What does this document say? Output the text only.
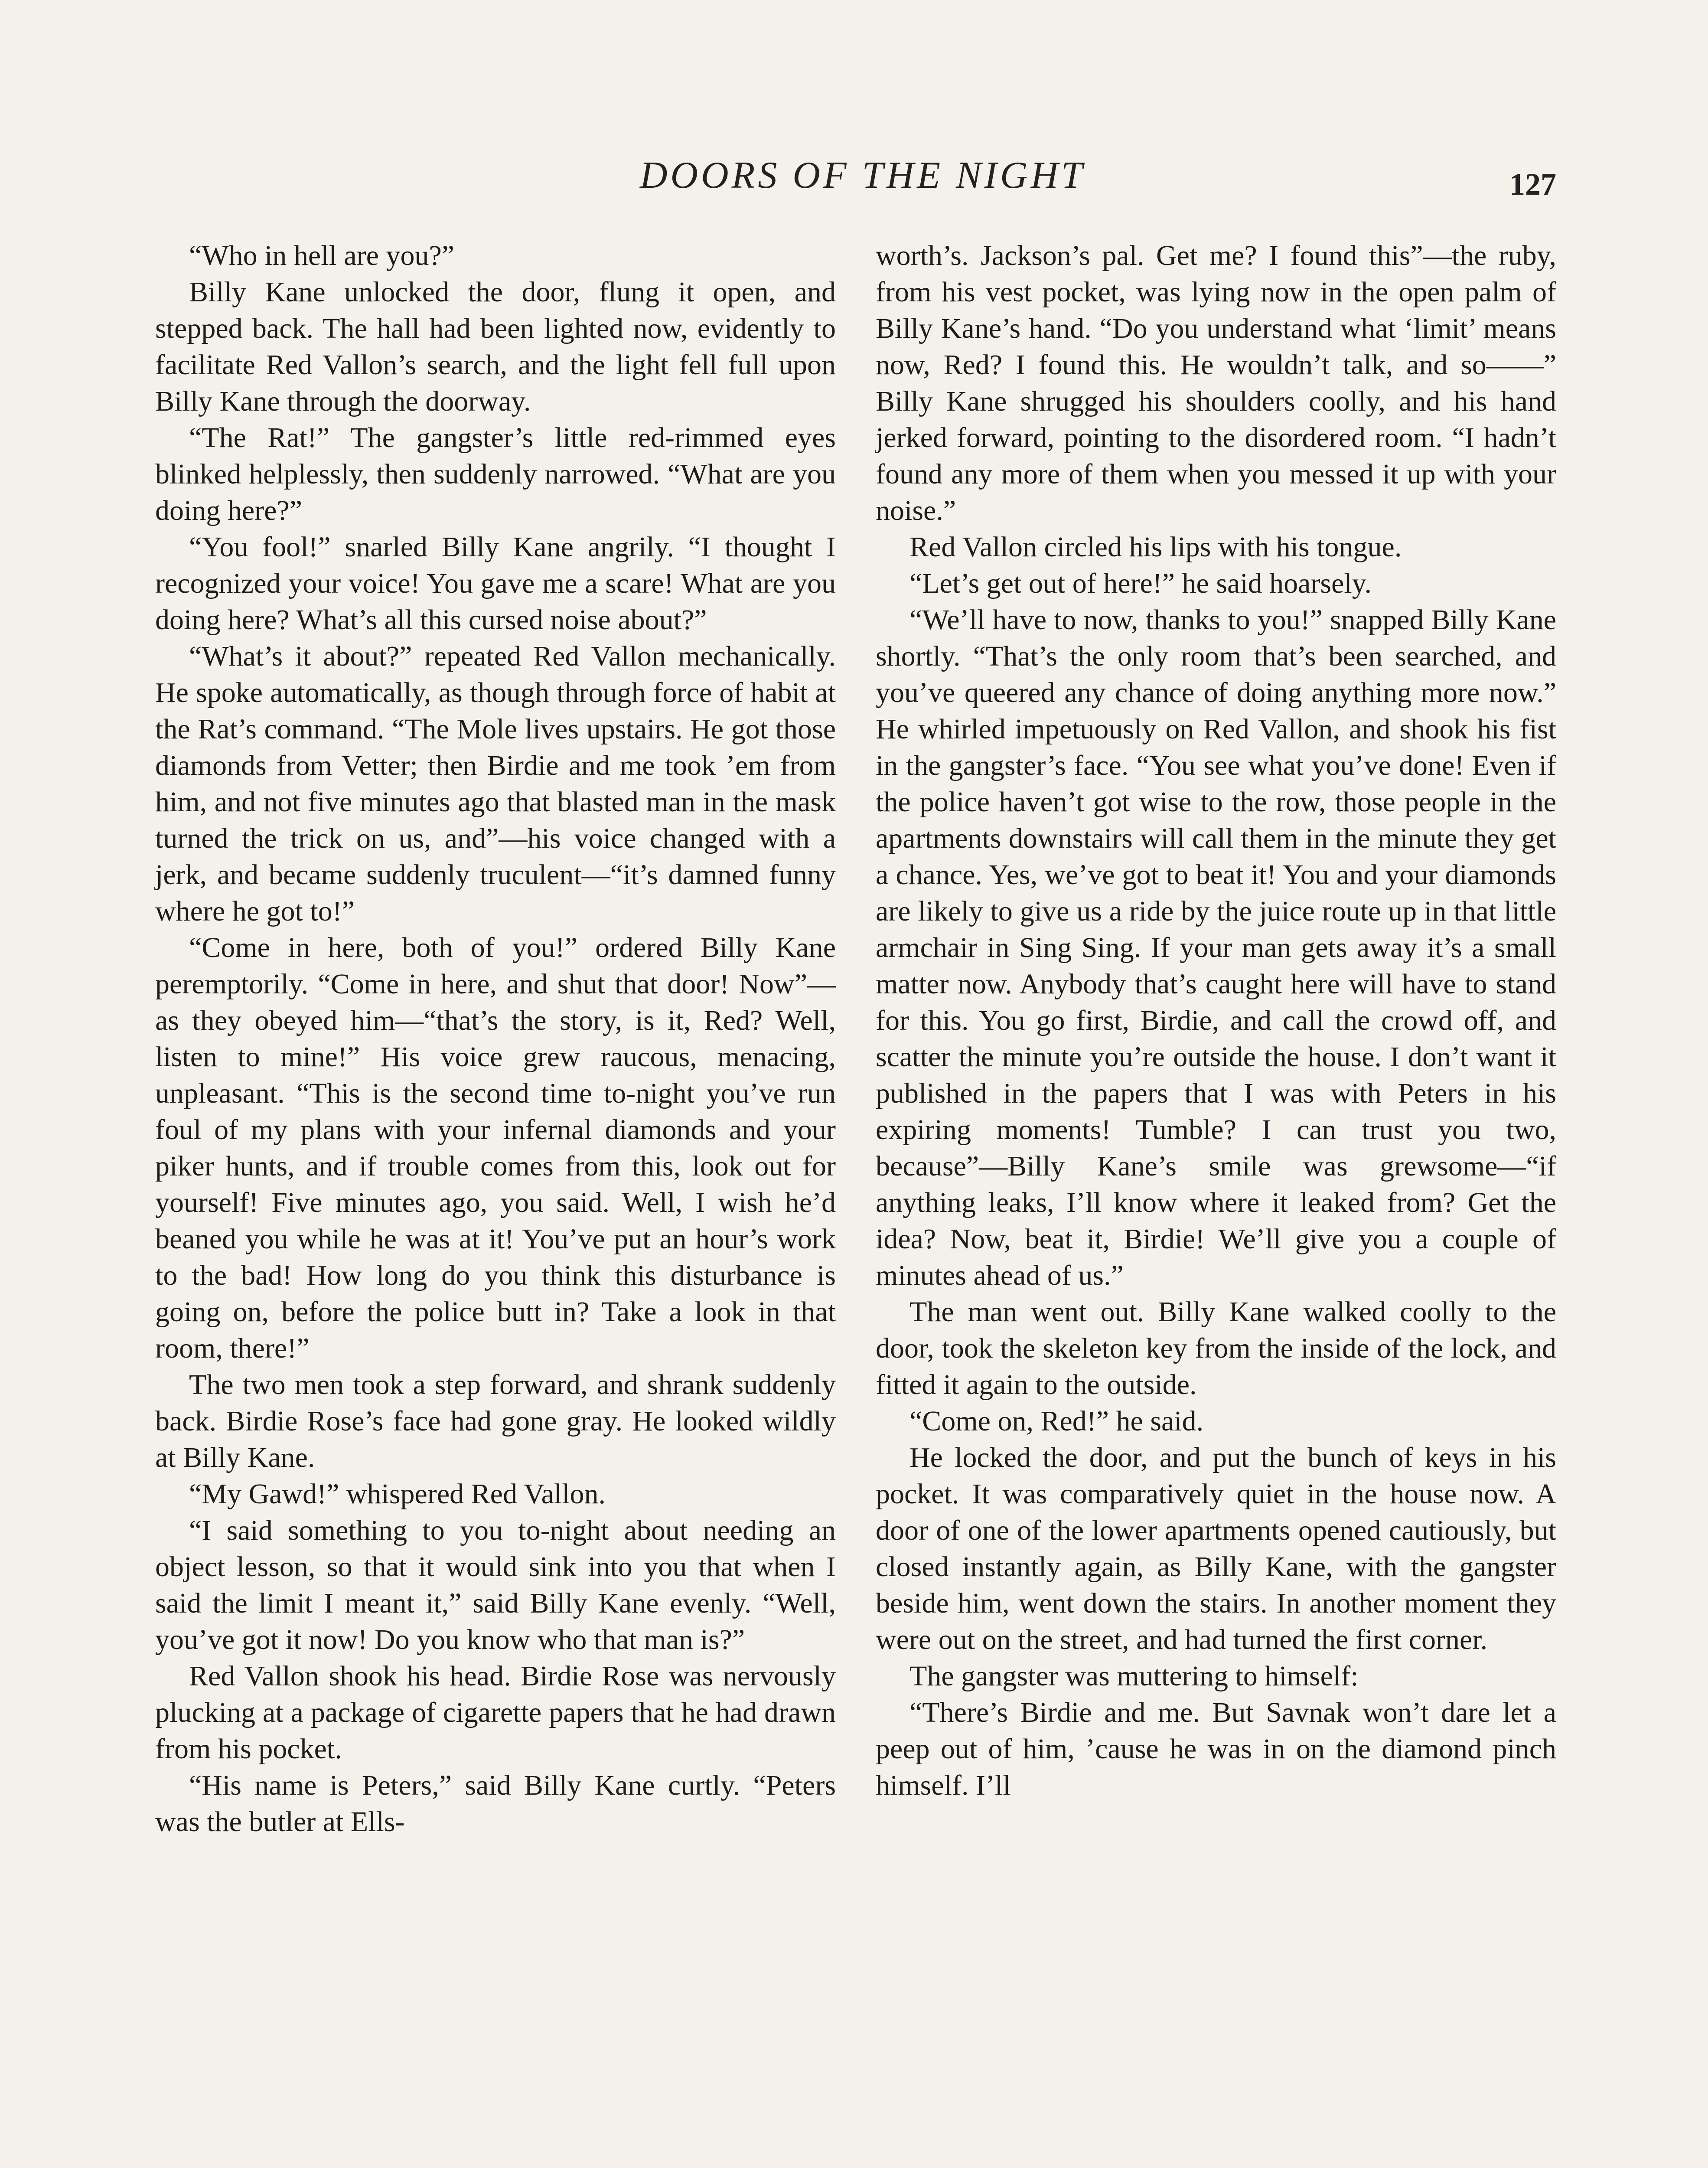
DOORS OF THE NIGHT	127

“Who in hell are you?”

Billy Kane unlocked the door, flung it open, and stepped back. The hall had been lighted now, evidently to facilitate Red Vallon’s search, and the light fell full upon Billy Kane through the doorway.

“The Rat!” The gangster’s little red-rimmed eyes blinked helplessly, then suddenly narrowed. “What are you doing here?”

“You fool!” snarled Billy Kane angrily. “I thought I recognized your voice! You gave me a scare! What are you doing here? What’s all this cursed noise about?”

“What’s it about?” repeated Red Vallon mechanically. He spoke automatically, as though through force of habit at the Rat’s command. “The Mole lives upstairs. He got those diamonds from Vetter; then Birdie and me took ’em from him, and not five minutes ago that blasted man in the mask turned the trick on us, and”—his voice changed with a jerk, and became suddenly truculent—“it’s damned funny where he got to!”

“Come in here, both of you!” ordered Billy Kane peremptorily. “Come in here, and shut that door! Now”—as they obeyed him—“that’s the story, is it, Red? Well, listen to mine!” His voice grew raucous, menacing, unpleasant. “This is the second time to-night you’ve run foul of my plans with your infernal diamonds and your piker hunts, and if trouble comes from this, look out for yourself! Five minutes ago, you said. Well, I wish he’d beaned you while he was at it! You’ve put an hour’s work to the bad! How long do you think this disturbance is going on, before the police butt in? Take a look in that room, there!”

The two men took a step forward, and shrank suddenly back. Birdie Rose’s face had gone gray. He looked wildly at Billy Kane.

“My Gawd!” whispered Red Vallon.

“I said something to you to-night about needing an object lesson, so that it would sink into you that when I said the limit I meant it,” said Billy Kane evenly. “Well, you’ve got it now! Do you know who that man is?”

Red Vallon shook his head. Birdie Rose was nervously plucking at a package of cigarette papers that he had drawn from his pocket.

“His name is Peters,” said Billy Kane curtly. “Peters was the butler at Ells-

worth’s. Jackson’s pal. Get me? I found this”—the ruby, from his vest pocket, was lying now in the open palm of Billy Kane’s hand. “Do you understand what ‘limit’ means now, Red? I found this. He wouldn’t talk, and so——” Billy Kane shrugged his shoulders coolly, and his hand jerked forward, pointing to the disordered room. “I hadn’t found any more of them when you messed it up with your noise.”

Red Vallon circled his lips with his tongue.

“Let’s get out of here!” he said hoarsely.

“We’ll have to now, thanks to you!” snapped Billy Kane shortly. “That’s the only room that’s been searched, and you’ve queered any chance of doing anything more now.” He whirled impetuously on Red Vallon, and shook his fist in the gangster’s face. “You see what you’ve done! Even if the police haven’t got wise to the row, those people in the apartments downstairs will call them in the minute they get a chance. Yes, we’ve got to beat it! You and your diamonds are likely to give us a ride by the juice route up in that little armchair in Sing Sing. If your man gets away it’s a small matter now. Anybody that’s caught here will have to stand for this. You go first, Birdie, and call the crowd off, and scatter the minute you’re outside the house. I don’t want it published in the papers that I was with Peters in his expiring moments! Tumble? I can trust you two, because”—Billy Kane’s smile was grewsome—“if anything leaks, I’ll know where it leaked from? Get the idea? Now, beat it, Birdie! We’ll give you a couple of minutes ahead of us.”

The man went out. Billy Kane walked coolly to the door, took the skeleton key from the inside of the lock, and fitted it again to the outside.

“Come on, Red!” he said.

He locked the door, and put the bunch of keys in his pocket. It was comparatively quiet in the house now. A door of one of the lower apartments opened cautiously, but closed instantly again, as Billy Kane, with the gangster beside him, went down the stairs. In another moment they were out on the street, and had turned the first corner.

The gangster was muttering to himself:

“There’s Birdie and me. But Savnak won’t dare let a peep out of him, ’cause he was in on the diamond pinch himself. I’ll
